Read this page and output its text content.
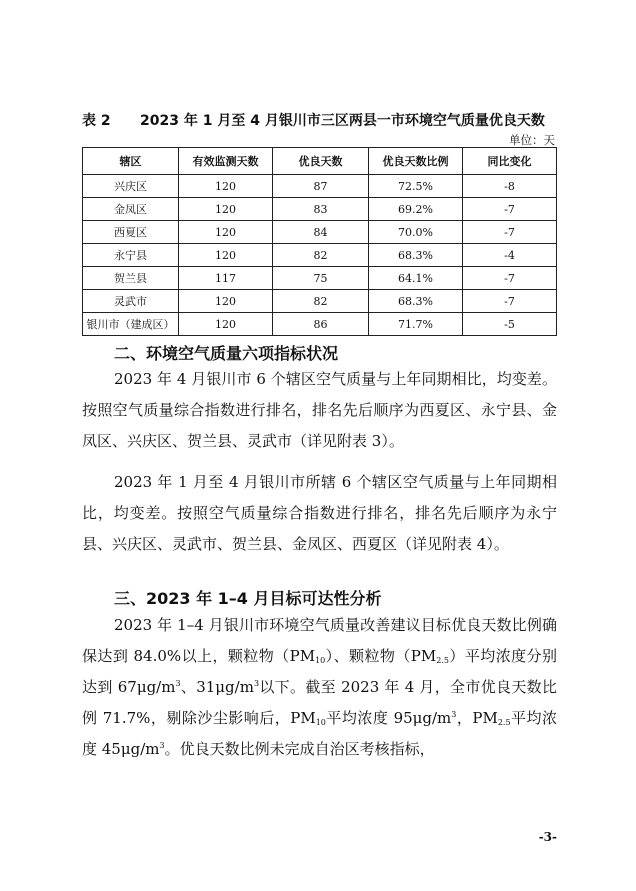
表 2 2023 年 1 月至 4 月银川市三区两县一市环境空气质量优良天数
单位：天
辖区	有效监测天数	优良天数	优良天数比例	同比变化
兴庆区	120	87	72.5%	-8
金凤区	120	83	69.2%	-7
西夏区	120	84	70.0%	-7
永宁县	120	82	68.3%	-4
贺兰县	117	75	64.1%	-7
灵武市	120	82	68.3%	-7
银川市（建成区）	120	86	71.7%	-5
二、环境空气质量六项指标状况

2023 年 4 月银川市 6 个辖区空气质量与上年同期相比，均变差。按照空气质量综合指数进行排名，排名先后顺序为西夏区、永宁县、金凤区、兴庆区、贺兰县、灵武市（详见附表 3）。

2023 年 1 月至 4 月银川市所辖 6 个辖区空气质量与上年同期相比，均变差。按照空气质量综合指数进行排名，排名先后顺序为永宁县、兴庆区、灵武市、贺兰县、金凤区、西夏区（详见附表 4）。

三、2023 年 1–4 月目标可达性分析

2023 年 1–4 月银川市环境空气质量改善建议目标优良天数比例确保达到 84.0%以上，颗粒物$(PM_{10})$、颗粒物$(PM_{2.5})$平均浓度分别达到 $67\mu g/m^3$、$31\mu g/m^3$以下。截至 2023 年 4 月，全市优良天数比例 71.7%，剔除沙尘影响后，$PM_{10}$平均浓度 $95\mu g/m^3$，$PM_{2.5}$平均浓度 $45\mu g/m^3$。优良天数比例未完成自治区考核指标，

-3-
